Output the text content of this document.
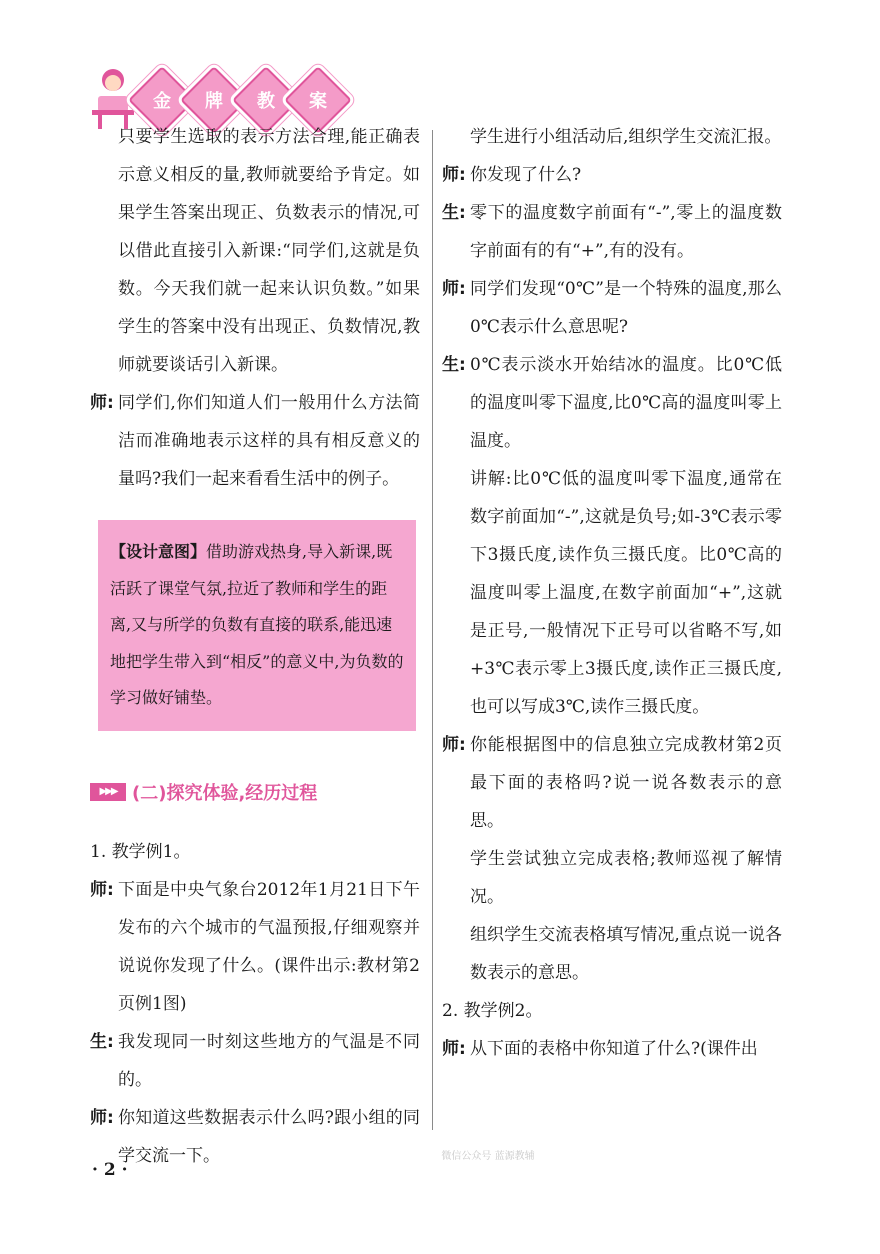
金 牌 教 案

只要学生选取的表示方法合理,能正确表示意义相反的量,教师就要给予肯定。如果学生答案出现正、负数表示的情况,可以借此直接引入新课:“同学们,这就是负数。今天我们就一起来认识负数。”如果学生的答案中没有出现正、负数情况,教师就要谈话引入新课。

师: 同学们,你们知道人们一般用什么方法简洁而准确地表示这样的具有相反意义的量吗?我们一起来看看生活中的例子。

【设计意图】借助游戏热身,导入新课,既活跃了课堂气氛,拉近了教师和学生的距离,又与所学的负数有直接的联系,能迅速地把学生带入到“相反”的意义中,为负数的学习做好铺垫。
▶▶▶ (二)探究体验,经历过程

1. 教学例1。

师: 下面是中央气象台2012年1月21日下午发布的六个城市的气温预报,仔细观察并说说你发现了什么。(课件出示:教材第2页例1图)

生: 我发现同一时刻这些地方的气温是不同的。

师: 你知道这些数据表示什么吗?跟小组的同学交流一下。

学生进行小组活动后,组织学生交流汇报。

师: 你发现了什么?

生: 零下的温度数字前面有“-”,零上的温度数字前面有的有“+”,有的没有。

师: 同学们发现“0℃”是一个特殊的温度,那么0℃表示什么意思呢?

生: 0℃表示淡水开始结冰的温度。比0℃低的温度叫零下温度,比0℃高的温度叫零上温度。

讲解:比0℃低的温度叫零下温度,通常在数字前面加“-”,这就是负号;如-3℃表示零下3摄氏度,读作负三摄氏度。比0℃高的温度叫零上温度,在数字前面加“+”,这就是正号,一般情况下正号可以省略不写,如+3℃表示零上3摄氏度,读作正三摄氏度,也可以写成3℃,读作三摄氏度。

师: 你能根据图中的信息独立完成教材第2页最下面的表格吗?说一说各数表示的意思。

学生尝试独立完成表格;教师巡视了解情况。

组织学生交流表格填写情况,重点说一说各数表示的意思。

2. 教学例2。

师: 从下面的表格中你知道了什么?(课件出

· 2 ·
微信公众号 蓝源教辅
